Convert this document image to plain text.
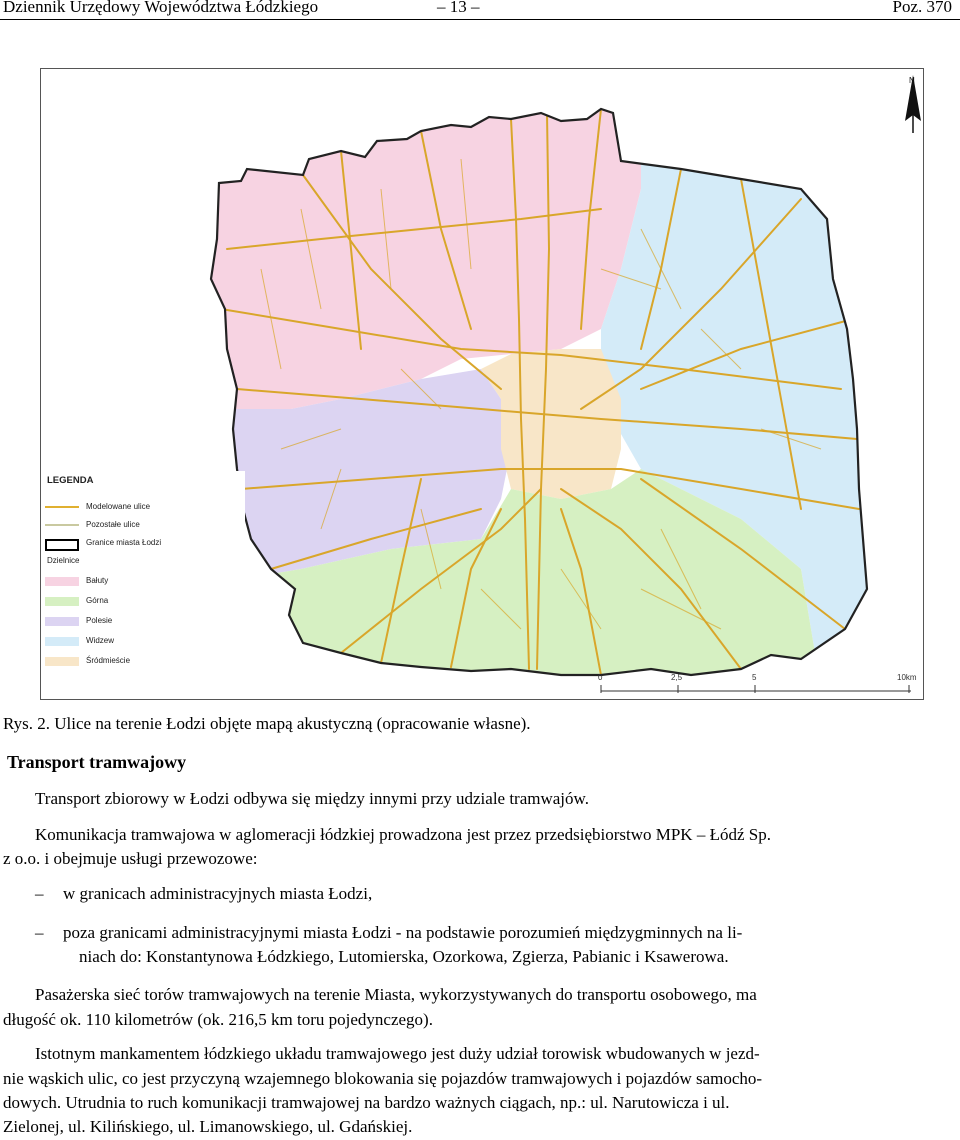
Dziennik Urzędowy Województwa Łódzkiego	– 13 –	Poz. 370
N
LEGENDA
Modelowane ulice
Pozostałe ulice
Granice miasta Łodzi
Dzielnice
Bałuty
Górna
Polesie
Widzew
Śródmieście
0	2,5	5	10km
Rys. 2. Ulice na terenie Łodzi objęte mapą akustyczną (opracowanie własne).
Transport tramwajowy
Transport zbiorowy w Łodzi odbywa się między innymi przy udziale tramwajów.
Komunikacja tramwajowa w aglomeracji łódzkiej prowadzona jest przez przedsiębiorstwo MPK – Łódź Sp.
z o.o. i obejmuje usługi przewozowe:
– w granicach administracyjnych miasta Łodzi,
– poza granicami administracyjnymi miasta Łodzi - na podstawie porozumień międzygminnych na li-
niach do: Konstantynowa Łódzkiego, Lutomierska, Ozorkowa, Zgierza, Pabianic i Ksawerowa.
Pasażerska sieć torów tramwajowych na terenie Miasta, wykorzystywanych do transportu osobowego, ma
długość ok. 110 kilometrów (ok. 216,5 km toru pojedynczego).
Istotnym mankamentem łódzkiego układu tramwajowego jest duży udział torowisk wbudowanych w jezd-
nie wąskich ulic, co jest przyczyną wzajemnego blokowania się pojazdów tramwajowych i pojazdów samocho-
dowych. Utrudnia to ruch komunikacji tramwajowej na bardzo ważnych ciągach, np.: ul. Narutowicza i ul.
Zielonej, ul. Kilińskiego, ul. Limanowskiego, ul. Gdańskiej.
